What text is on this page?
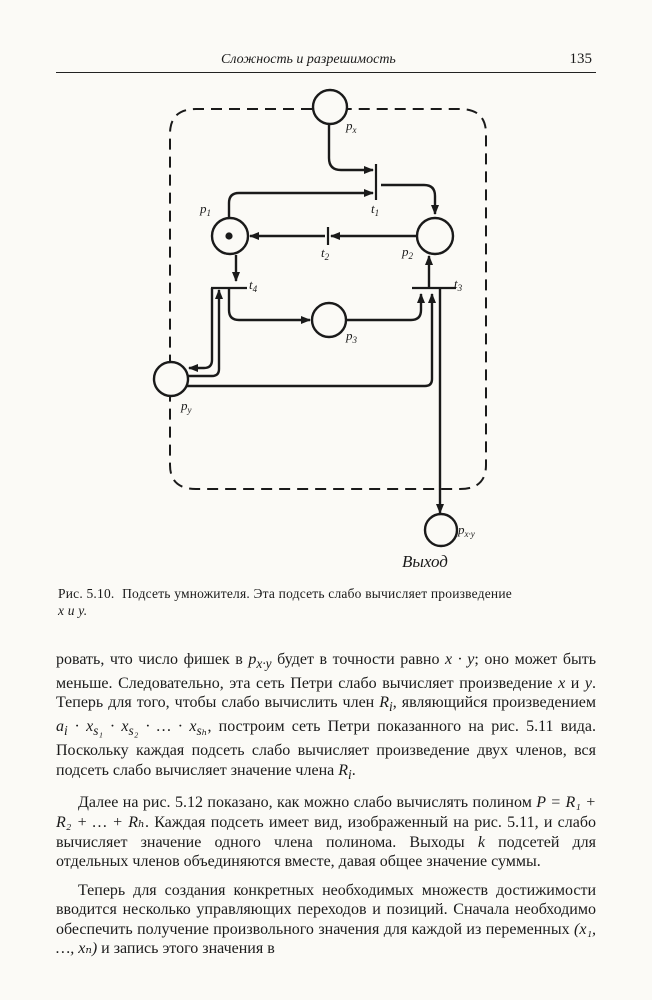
Сложность и разрешимость	135
$p_x$
$p_1$
$p_2$
$p_3$
$p_y$
$p_{x\cdot y}$
$t_1$
$t_2$
$t_3$
$t_4$
Выход
Рис. 5.10. Подсеть умножителя. Эта подсеть слабо вычисляет произведение
x и y.

ровать, что число фишек в $p_{x\cdot y}$ будет в точности равно x · y; оно может быть меньше. Следовательно, эта сеть Петри слабо вычисляет произведение x и y. Теперь для того, чтобы слабо вычислить член $R_i$, являющийся произведением $a_i \cdot x_{s_1} \cdot x_{s_2}$ · … · $x_{s_h}$, построим сеть Петри показанного на рис. 5.11 вида. Поскольку каждая подсеть слабо вычисляет произведение двух членов, вся подсеть слабо вычисляет значение члена $R_i$.

Далее на рис. 5.12 показано, как можно слабо вычислять полином P = R₁ + R₂ + … + Rₕ. Каждая подсеть имеет вид, изображенный на рис. 5.11, и слабо вычисляет значение одного члена полинома. Выходы k подсетей для отдельных членов объединяются вместе, давая общее значение суммы.

Теперь для создания конкретных необходимых множеств достижимости вводится несколько управляющих переходов и позиций. Сначала необходимо обеспечить получение произвольного значения для каждой из переменных (x₁, …, xₙ) и запись этого значения в
